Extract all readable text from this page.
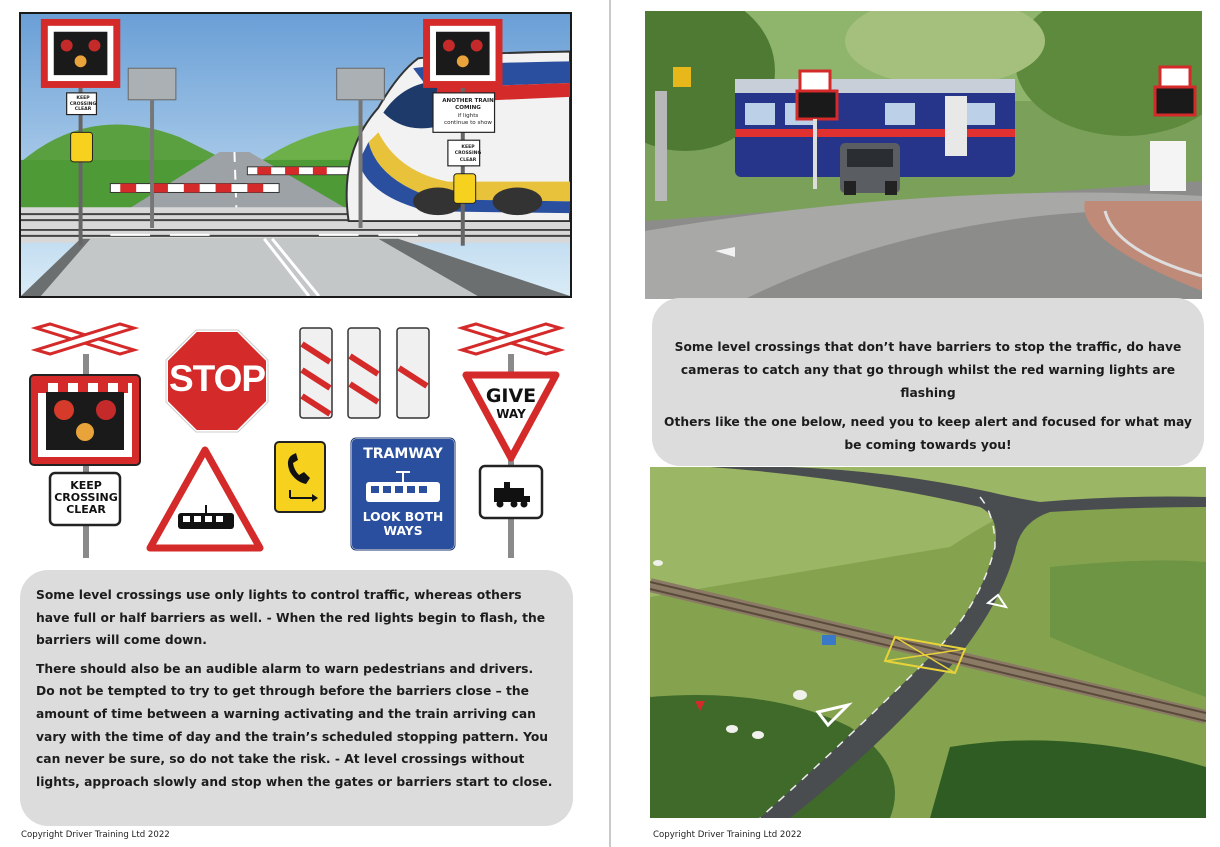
KEEP
CROSSING
CLEAR
ANOTHER TRAIN
COMING
if lights
continue to show
KEEP
CROSSING
CLEAR
KEEP
CROSSING
CLEAR
STOP	GIVE
WAY
TRAMWAY
LOOK BOTH
WAYS

Some level crossings use only lights to control traffic, whereas others have full or half barriers as well. - When the red lights begin to flash, the barriers will come down.

There should also be an audible alarm to warn pedestrians and drivers. Do not be tempted to try to get through before the barriers close – the amount of time between a warning activating and the train arriving can vary with the time of day and the train’s scheduled stopping pattern. You can never be sure, so do not take the risk. - At level crossings without lights, approach slowly and stop when the gates or barriers start to close.

Copyright Driver Training Ltd 2022

Some level crossings that don’t have barriers to stop the traffic, do have cameras to catch any that go through whilst the red warning lights are flashing

Others like the one below, need you to keep alert and focused for what may be coming towards you!

Copyright Driver Training Ltd 2022
